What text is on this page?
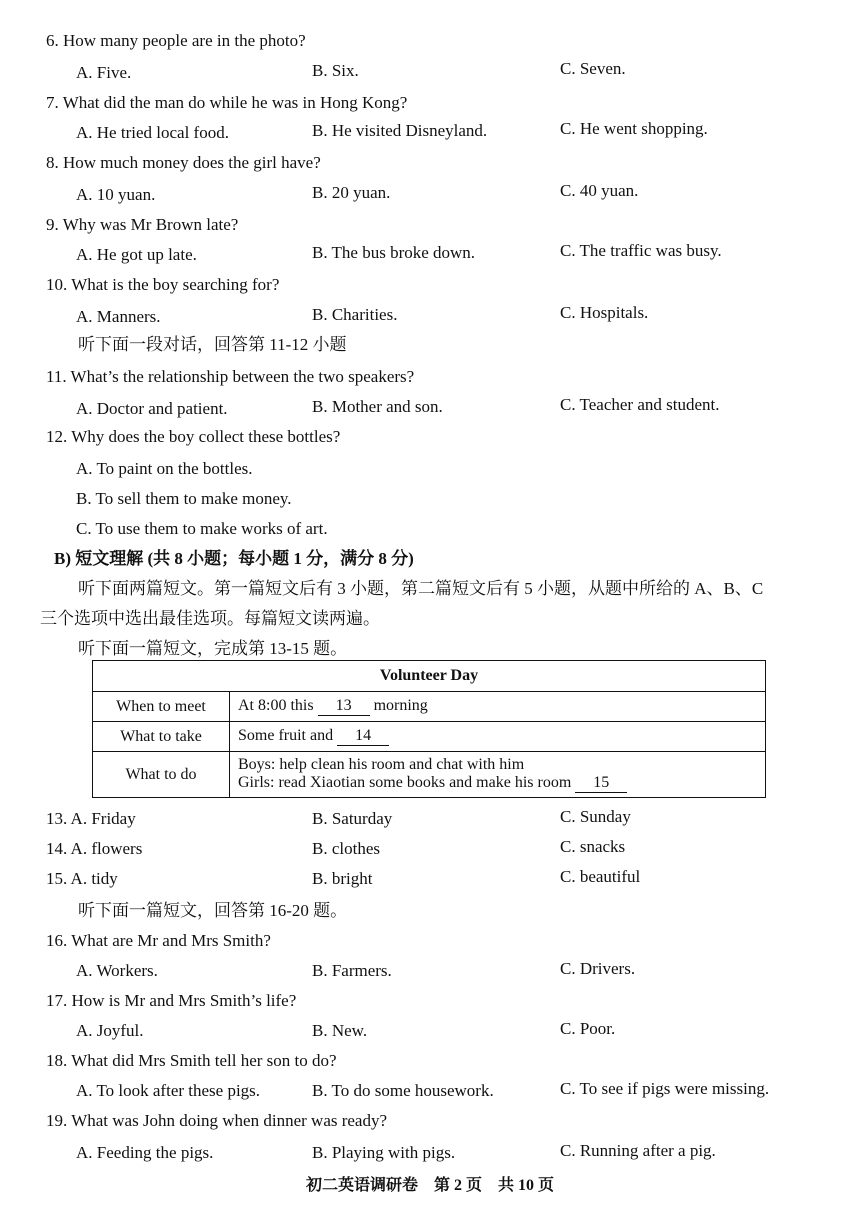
6. How many people are in the photo?
A. Five.	B. Six.	C. Seven.
7. What did the man do while he was in Hong Kong?
A. He tried local food.	B. He visited Disneyland.	C. He went shopping.
8. How much money does the girl have?
A. 10 yuan.	B. 20 yuan.	C. 40 yuan.
9. Why was Mr Brown late?
A. He got up late.	B. The bus broke down.	C. The traffic was busy.
10. What is the boy searching for?
A. Manners.	B. Charities.	C. Hospitals.
听下面一段对话，回答第 11-12 小题
11. What’s the relationship between the two speakers?
A. Doctor and patient.	B. Mother and son.	C. Teacher and student.
12. Why does the boy collect these bottles?
A. To paint on the bottles.
B. To sell them to make money.
C. To use them to make works of art.
B) 短文理解 (共 8 小题；每小题 1 分，满分 8 分)
听下面两篇短文。第一篇短文后有 3 小题，第二篇短文后有 5 小题，从题中所给的 A、B、C
三个选项中选出最佳选项。每篇短文读两遍。
听下面一篇短文，完成第 13-15 题。
Volunteer Day	
When to meet	At 8:00 this 13 morning
What to take	Some fruit and 14
What to do	Boys: help clean his room and chat with him
Girls: read Xiaotian some books and make his room 15
13. A. Friday	B. Saturday	C. Sunday
14. A. flowers	B. clothes	C. snacks
15. A. tidy	B. bright	C. beautiful
听下面一篇短文，回答第 16-20 题。
16. What are Mr and Mrs Smith?
A. Workers.	B. Farmers.	C. Drivers.
17. How is Mr and Mrs Smith’s life?
A. Joyful.	B. New.	C. Poor.
18. What did Mrs Smith tell her son to do?
A. To look after these pigs.	B. To do some housework.	C. To see if pigs were missing.
19. What was John doing when dinner was ready?
A. Feeding the pigs.	B. Playing with pigs.	C. Running after a pig.
初二英语调研卷　第 2 页　共 10 页
